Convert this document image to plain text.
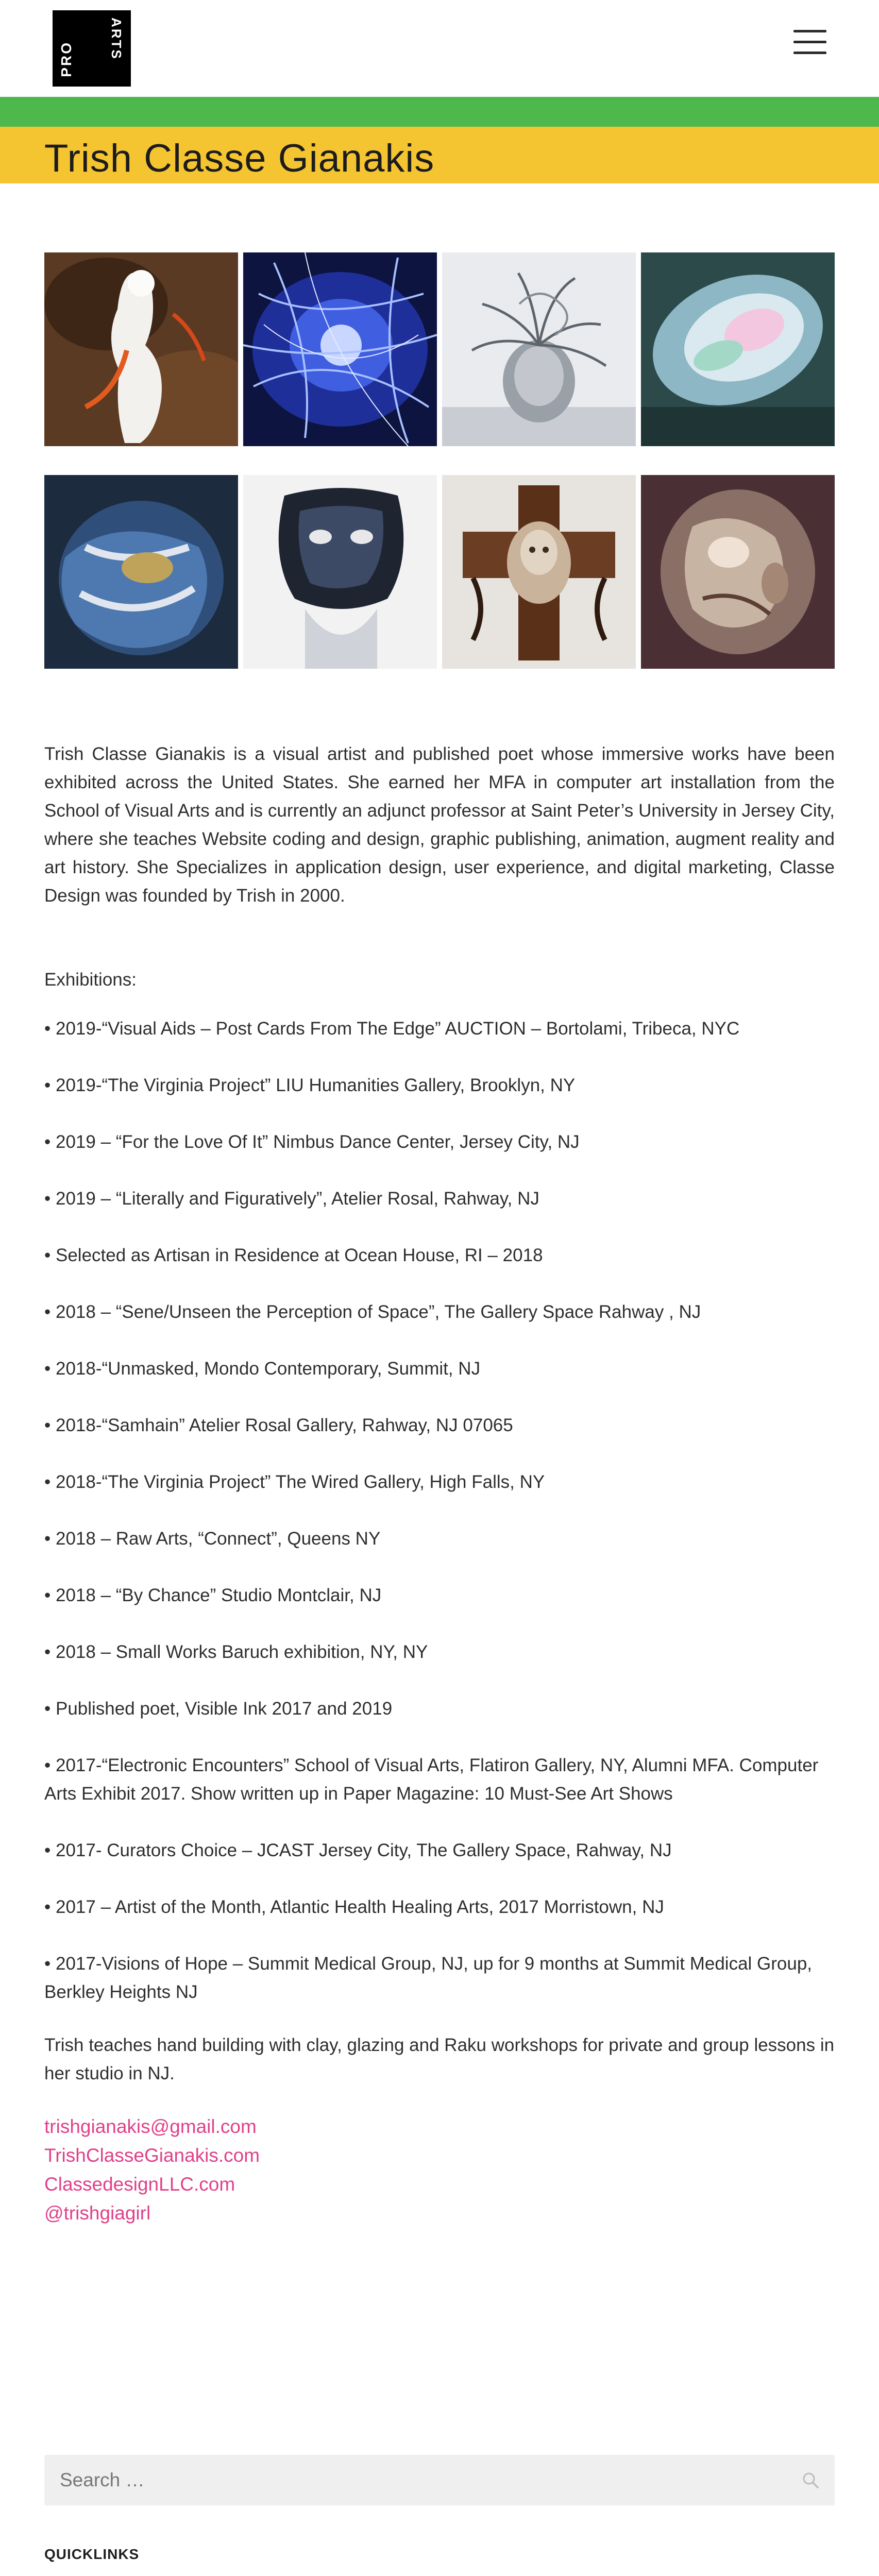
PRO	ARTS
Trish Classe Gianakis

Trish Classe Gianakis is a visual artist and published poet whose immersive works have been exhibited across the United States. She earned her MFA in computer art installation from the School of Visual Arts and is currently an adjunct professor at Saint Peter’s University in Jersey City, where she teaches Website coding and design, graphic publishing, animation, augment reality and art history. She Specializes in application design, user experience, and digital marketing, Classe Design was founded by Trish in 2000.

Exhibitions:

• 2019-“Visual Aids – Post Cards From The Edge” AUCTION – Bortolami, Tribeca, NYC
• 2019-“The Virginia Project” LIU Humanities Gallery, Brooklyn, NY
• 2019 – “For the Love Of It” Nimbus Dance Center, Jersey City, NJ
• 2019 – “Literally and Figuratively”, Atelier Rosal, Rahway, NJ
• Selected as Artisan in Residence at Ocean House, RI – 2018
• 2018 – “Sene/Unseen the Perception of Space”, The Gallery Space Rahway , NJ
• 2018-“Unmasked, Mondo Contemporary, Summit, NJ
• 2018-“Samhain” Atelier Rosal Gallery, Rahway, NJ 07065
• 2018-“The Virginia Project” The Wired Gallery, High Falls, NY
• 2018 – Raw Arts, “Connect”, Queens NY
• 2018 – “By Chance” Studio Montclair, NJ
• 2018 – Small Works Baruch exhibition, NY, NY
• Published poet, Visible Ink 2017 and 2019
• 2017-“Electronic Encounters” School of Visual Arts, Flatiron Gallery, NY, Alumni MFA. Computer Arts Exhibit 2017. Show written up in Paper Magazine: 10 Must-See Art Shows
• 2017- Curators Choice – JCAST Jersey City, The Gallery Space, Rahway, NJ
• 2017 – Artist of the Month, Atlantic Health Healing Arts, 2017 Morristown, NJ
• 2017-Visions of Hope – Summit Medical Group, NJ, up for 9 months at Summit Medical Group, Berkley Heights NJ

Trish teaches hand building with clay, glazing and Raku workshops for private and group lessons in her studio in NJ.

trishgianakis@gmail.com
TrishClasseGianakis.com
ClassedesignLLC.com
@trishgiagirl
Search …
QUICKLINKS
